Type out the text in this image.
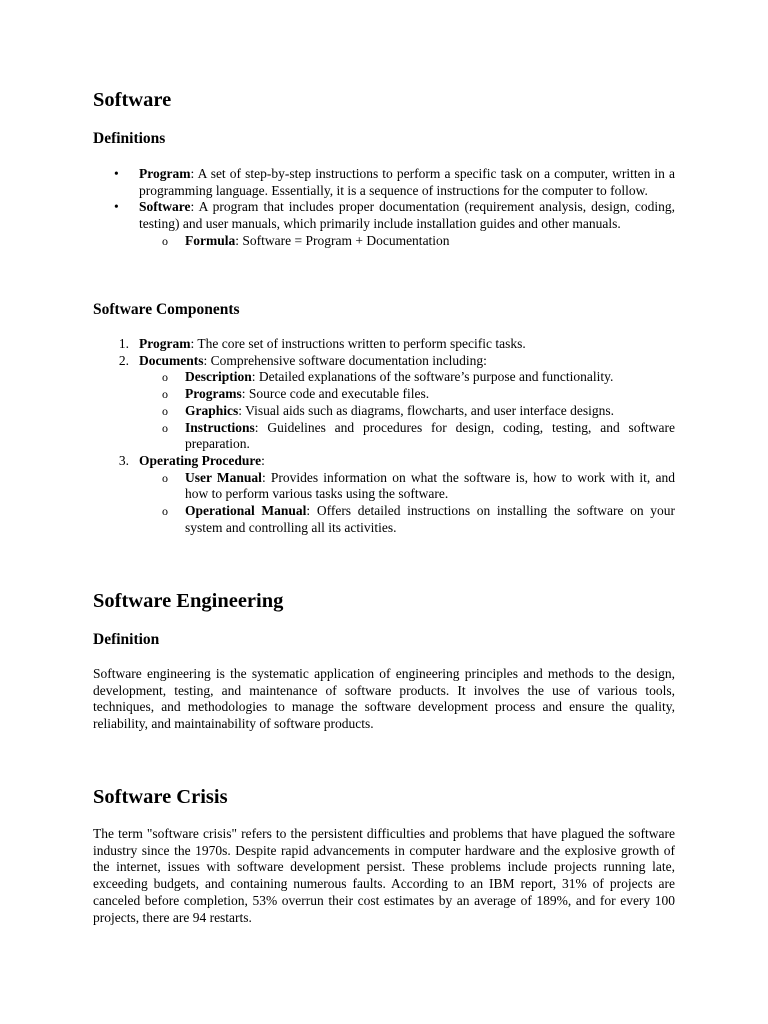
Software
Definitions
•	Program: A set of step-by-step instructions to perform a specific task on a computer, written in a programming language. Essentially, it is a sequence of instructions for the computer to follow.
•	Software: A program that includes proper documentation (requirement analysis, design, coding, testing) and user manuals, which primarily include installation guides and other manuals.
o Formula: Software = Program + Documentation
Software Components
1. Program: The core set of instructions written to perform specific tasks.
2. Documents: Comprehensive software documentation including:
o Description: Detailed explanations of the software’s purpose and functionality.
o Programs: Source code and executable files.
o Graphics: Visual aids such as diagrams, flowcharts, and user interface designs.
o Instructions: Guidelines and procedures for design, coding, testing, and software preparation.
3. Operating Procedure:
o User Manual: Provides information on what the software is, how to work with it, and how to perform various tasks using the software.
o Operational Manual: Offers detailed instructions on installing the software on your system and controlling all its activities.
Software Engineering
Definition

Software engineering is the systematic application of engineering principles and methods to the design, development, testing, and maintenance of software products. It involves the use of various tools, techniques, and methodologies to manage the software development process and ensure the quality, reliability, and maintainability of software products.

Software Crisis

The term "software crisis" refers to the persistent difficulties and problems that have plagued the software industry since the 1970s. Despite rapid advancements in computer hardware and the explosive growth of the internet, issues with software development persist. These problems include projects running late, exceeding budgets, and containing numerous faults. According to an IBM report, 31% of projects are canceled before completion, 53% overrun their cost estimates by an average of 189%, and for every 100 projects, there are 94 restarts.
